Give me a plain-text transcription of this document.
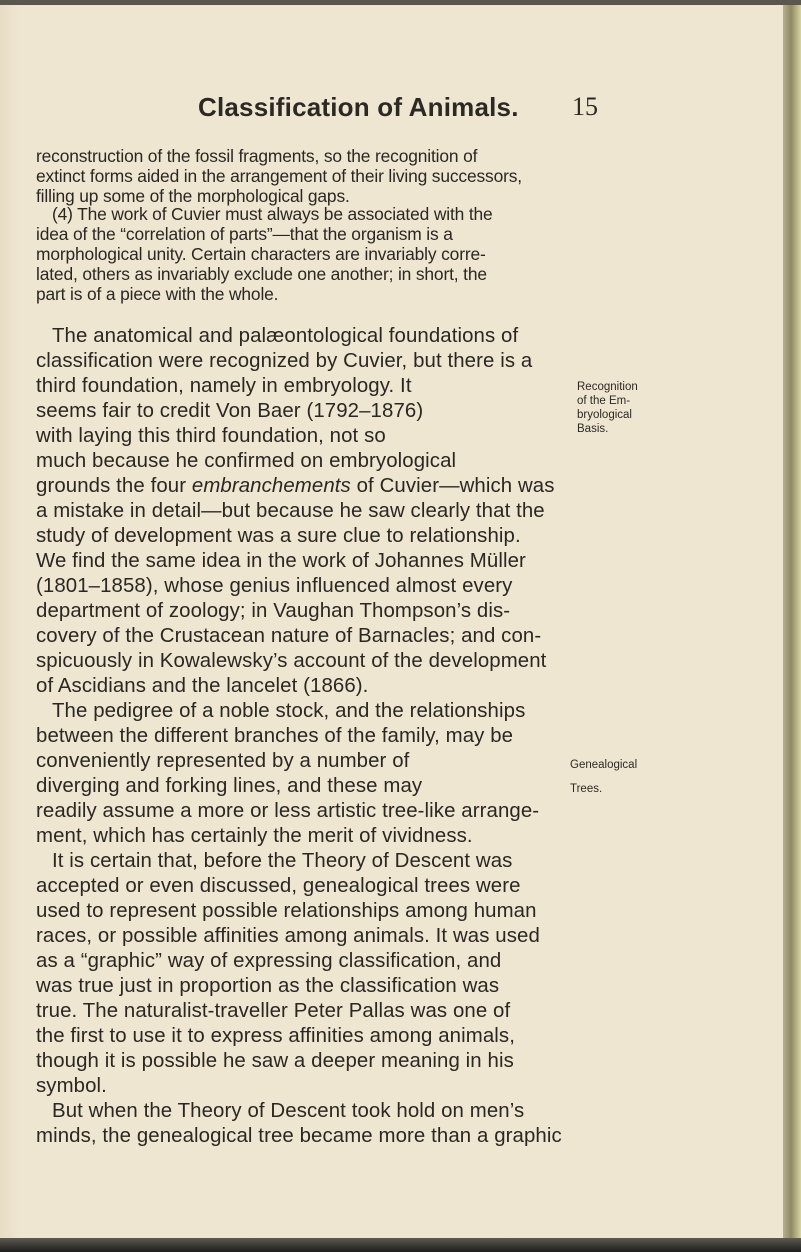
Classification of Animals. 15

reconstruction of the fossil fragments, so the recognition of

extinct forms aided in the arrangement of their living successors,

filling up some of the morphological gaps.

(4) The work of Cuvier must always be associated with the

idea of the “correlation of parts”—that the organism is a

morphological unity. Certain characters are invariably corre-

lated, others as invariably exclude one another; in short, the

part is of a piece with the whole.

The anatomical and palæontological foundations of

classification were recognized by Cuvier, but there is a

third foundation, namely in embryology. It

seems fair to credit Von Baer (1792–1876)

with laying this third foundation, not so

much because he confirmed on embryological

grounds the four embranchements of Cuvier—which was

a mistake in detail—but because he saw clearly that the

study of development was a sure clue to relationship.

We find the same idea in the work of Johannes Müller

(1801–1858), whose genius influenced almost every

department of zoology; in Vaughan Thompson’s dis-

covery of the Crustacean nature of Barnacles; and con-

spicuously in Kowalewsky’s account of the development

of Ascidians and the lancelet (1866).

The pedigree of a noble stock, and the relationships

between the different branches of the family, may be

conveniently represented by a number of

diverging and forking lines, and these may

readily assume a more or less artistic tree-like arrange-

ment, which has certainly the merit of vividness.

It is certain that, before the Theory of Descent was

accepted or even discussed, genealogical trees were

used to represent possible relationships among human

races, or possible affinities among animals. It was used

as a “graphic” way of expressing classification, and

was true just in proportion as the classification was

true. The naturalist-traveller Peter Pallas was one of

the first to use it to express affinities among animals,

though it is possible he saw a deeper meaning in his

symbol.

But when the Theory of Descent took hold on men’s

minds, the genealogical tree became more than a graphic

Recognition
of the Em-
bryological
Basis.
Genealogical
Trees.
